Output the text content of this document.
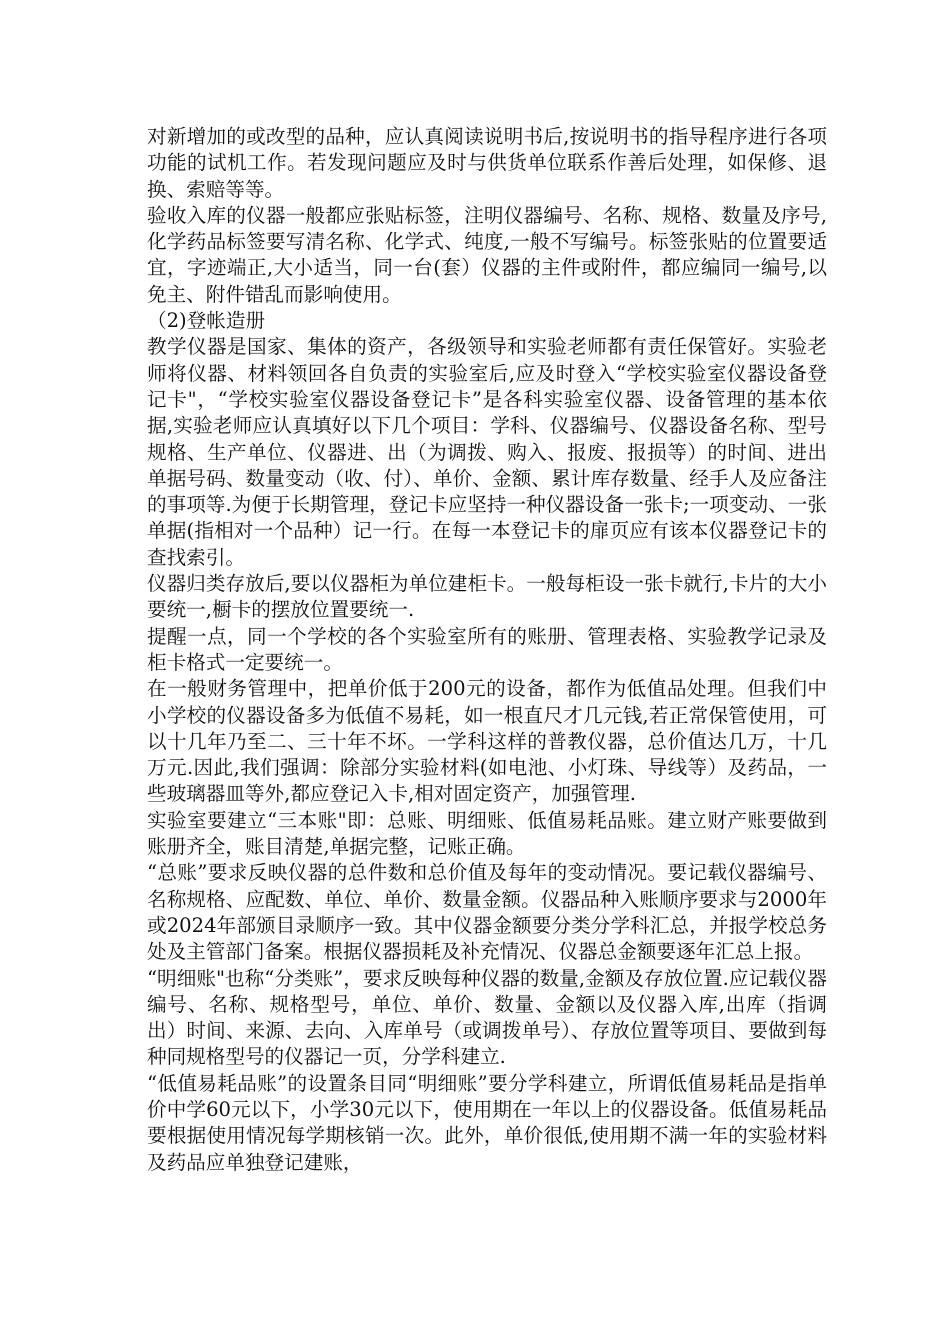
对新增加的或改型的品种，应认真阅读说明书后,按说明书的指导程序进行各项功能的试机工作。若发现问题应及时与供货单位联系作善后处理，如保修、退换、索赔等等。

验收入库的仪器一般都应张贴标签，注明仪器编号、名称、规格、数量及序号,化学药品标签要写清名称、化学式、纯度,一般不写编号。标签张贴的位置要适宜，字迹端正,大小适当，同一台(套）仪器的主件或附件，都应编同一编号,以免主、附件错乱而影响使用。

（2)登帐造册

教学仪器是国家、集体的资产，各级领导和实验老师都有责任保管好。实验老师将仪器、材料领回各自负责的实验室后,应及时登入“学校实验室仪器设备登记卡"，“学校实验室仪器设备登记卡”是各科实验室仪器、设备管理的基本依据,实验老师应认真填好以下几个项目：学科、仪器编号、仪器设备名称、型号规格、生产单位、仪器进、出（为调拨、购入、报废、报损等）的时间、进出单据号码、数量变动（收、付）、单价、金额、累计库存数量、经手人及应备注的事项等.为便于长期管理，登记卡应坚持一种仪器设备一张卡;一项变动、一张单据(指相对一个品种）记一行。在每一本登记卡的扉页应有该本仪器登记卡的查找索引。

仪器归类存放后,要以仪器柜为单位建柜卡。一般每柜设一张卡就行,卡片的大小要统一,橱卡的摆放位置要统一.

提醒一点，同一个学校的各个实验室所有的账册、管理表格、实验教学记录及柜卡格式一定要统一。

在一般财务管理中，把单价低于200元的设备，都作为低值品处理。但我们中小学校的仪器设备多为低值不易耗，如一根直尺才几元钱,若正常保管使用，可以十几年乃至二、三十年不坏。一学科这样的普教仪器，总价值达几万，十几万元.因此,我们强调：除部分实验材料(如电池、小灯珠、导线等）及药品，一些玻璃器皿等外,都应登记入卡,相对固定资产，加强管理.

实验室要建立“三本账"即：总账、明细账、低值易耗品账。建立财产账要做到账册齐全，账目清楚,单据完整，记账正确。

“总账”要求反映仪器的总件数和总价值及每年的变动情况。要记载仪器编号、名称规格、应配数、单位、单价、数量金额。仪器品种入账顺序要求与2000年或2024年部颁目录顺序一致。其中仪器金额要分类分学科汇总，并报学校总务处及主管部门备案。根据仪器损耗及补充情况、仪器总金额要逐年汇总上报。

“明细账"也称“分类账”，要求反映每种仪器的数量,金额及存放位置.应记载仪器编号、名称、规格型号，单位、单价、数量、金额以及仪器入库,出库（指调出）时间、来源、去向、入库单号（或调拨单号）、存放位置等项目、要做到每种同规格型号的仪器记一页，分学科建立.

“低值易耗品账”的设置条目同“明细账”要分学科建立，所谓低值易耗品是指单价中学60元以下，小学30元以下，使用期在一年以上的仪器设备。低值易耗品要根据使用情况每学期核销一次。此外，单价很低,使用期不满一年的实验材料及药品应单独登记建账，
